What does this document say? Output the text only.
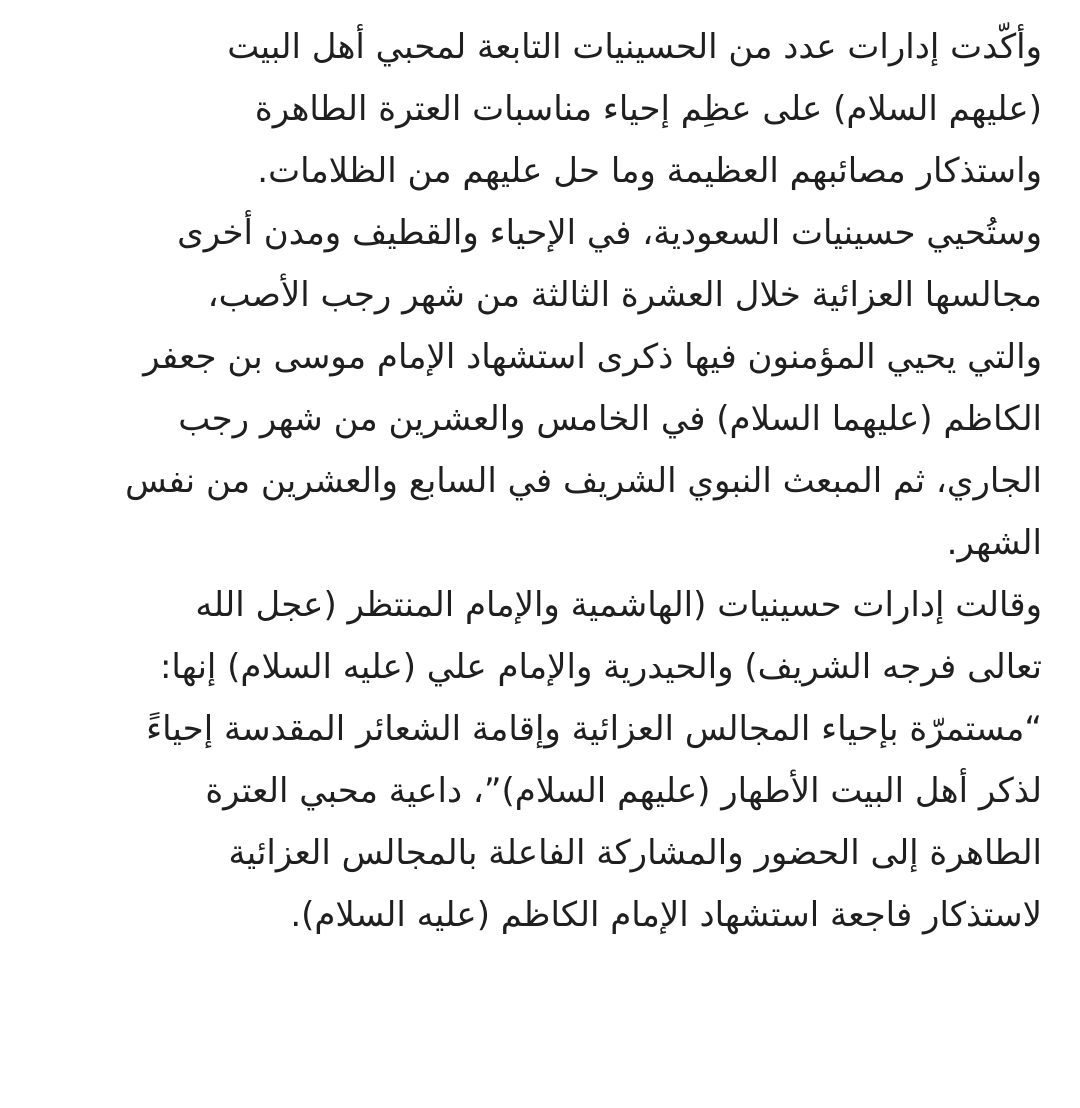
وأكّدت إدارات عدد من الحسينيات التابعة لمحبي أهل البيت
(عليهم السلام) على عظِم إحياء مناسبات العترة الطاهرة
واستذكار مصائبهم العظيمة وما حل عليهم من الظلامات.
وستُحيي حسينيات السعودية، في الإحياء والقطيف ومدن أخرى
مجالسها العزائية خلال العشرة الثالثة من شهر رجب الأصب،
والتي يحيي المؤمنون فيها ذكرى استشهاد الإمام موسى بن جعفر
الكاظم (عليهما السلام) في الخامس والعشرين من شهر رجب
الجاري، ثم المبعث النبوي الشريف في السابع والعشرين من نفس
الشهر.
وقالت إدارات حسينيات (الهاشمية والإمام المنتظر (عجل الله
تعالى فرجه الشريف) والحيدرية والإمام علي (عليه السلام) إنها:
“مستمرّة بإحياء المجالس العزائية وإقامة الشعائر المقدسة إحياءً
لذكر أهل البيت الأطهار (عليهم السلام)”، داعية محبي العترة
الطاهرة إلى الحضور والمشاركة الفاعلة بالمجالس العزائية
لاستذكار فاجعة استشهاد الإمام الكاظم (عليه السلام).
